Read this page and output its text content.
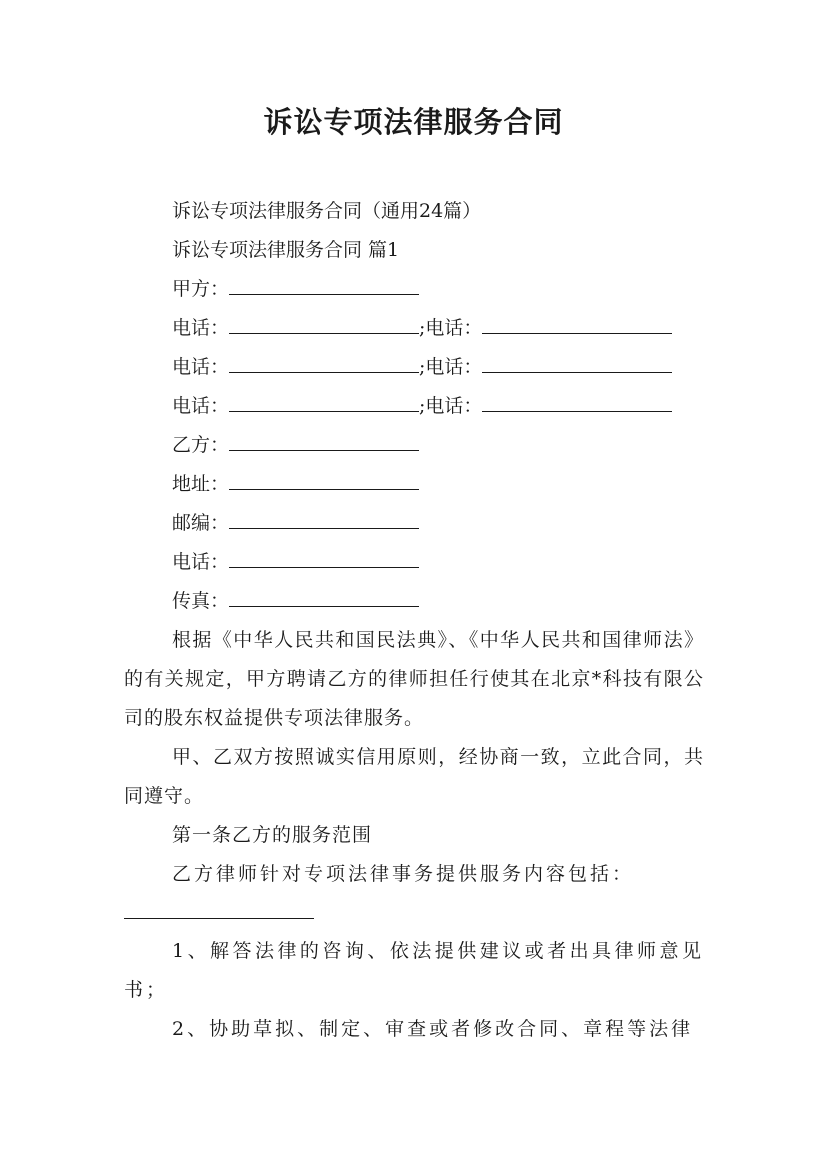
诉讼专项法律服务合同
诉讼专项法律服务合同（通用24篇）
诉讼专项法律服务合同 篇1
甲方：
电话：	;电话：
电话：	;电话：
电话：	;电话：
乙方：
地址：
邮编：
电话：
传真：
根据《中华人民共和国民法典》、《中华人民共和国律师法》的有关规定，甲方聘请乙方的律师担任行使其在北京*科技有限公司的股东权益提供专项法律服务。
甲、乙双方按照诚实信用原则，经协商一致，立此合同，共同遵守。
第一条乙方的服务范围
乙方律师针对专项法律事务提供服务内容包括：
1、解答法律的咨询、依法提供建议或者出具律师意见书；
2、协助草拟、制定、审查或者修改合同、章程等法律
